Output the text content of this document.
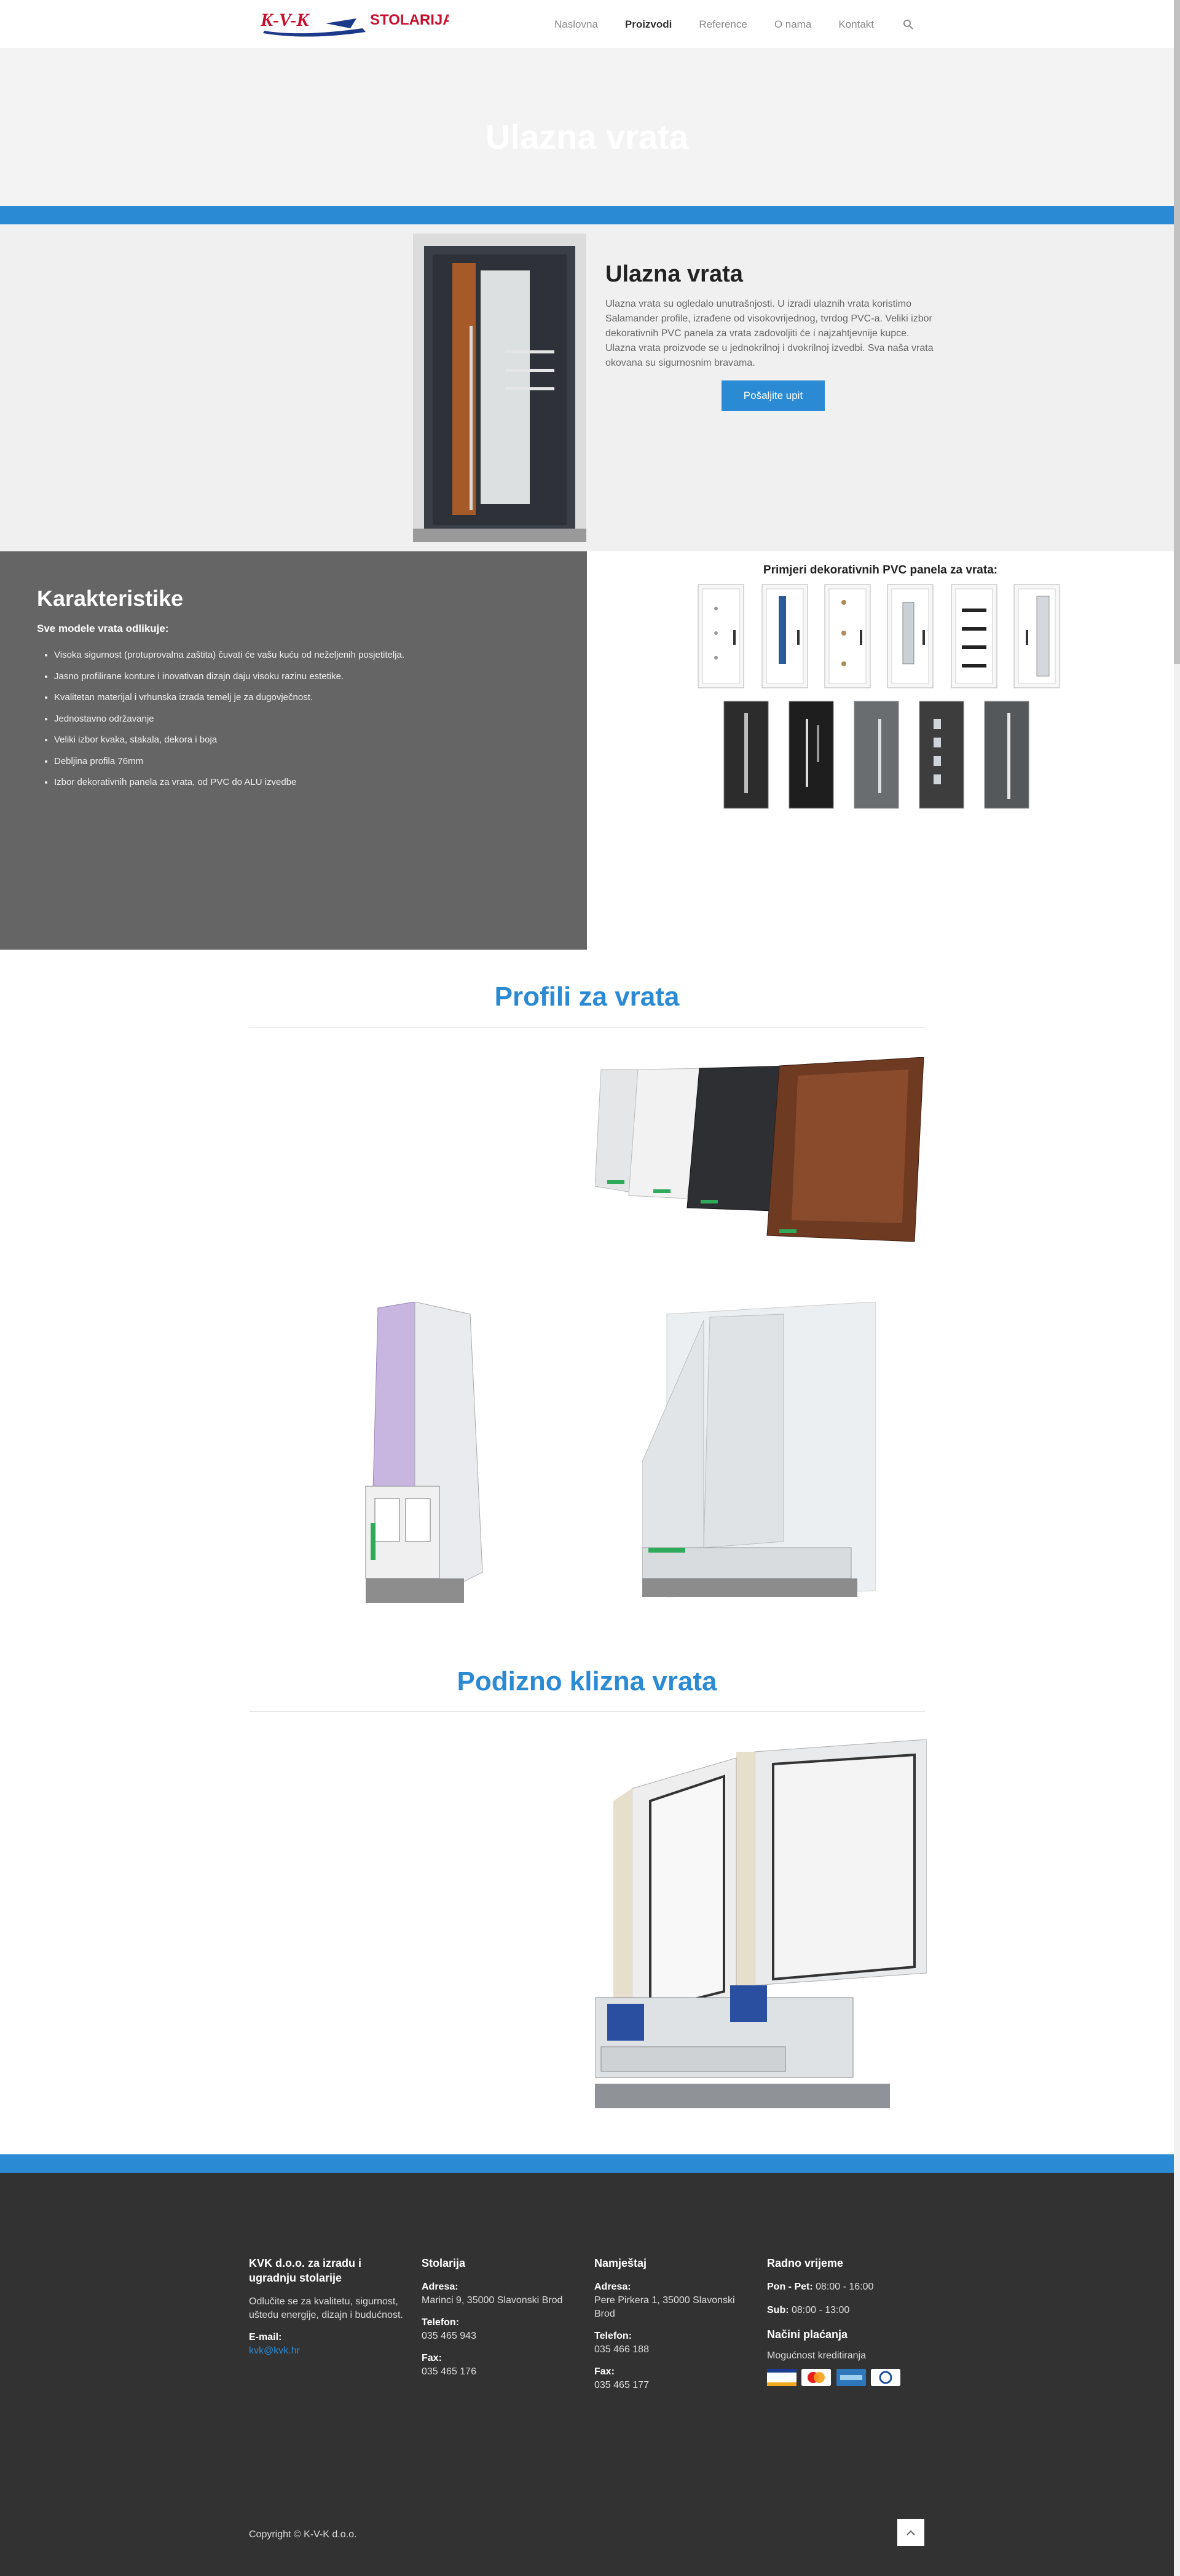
K-V-K	STOLARIJA	Naslovna	Proizvodi	Reference	O nama	Kontakt
Ulazna vrata
Ulazna vrata

Ulazna vrata su ogledalo unutrašnjosti. U izradi ulaznih vrata koristimo Salamander profile, izrađene od visokovrijednog, tvrdog PVC-a. Veliki izbor dekorativnih PVC panela za vrata zadovoljiti će i najzahtjevnije kupce. Ulazna vrata proizvode se u jednokrilnoj i dvokrilnoj izvedbi. Sva naša vrata okovana su sigurnosnim bravama.

Pošaljite upit
Karakteristike
Sve modele vrata odlikuje:
• Visoka sigurnost (protuprovalna zaštita) čuvati će vašu kuću od neželjenih posjetitelja.
• Jasno profilirane konture i inovativan dizajn daju visoku razinu estetike.
• Kvalitetan materijal i vrhunska izrada temelj je za dugovječnost.
• Jednostavno održavanje
• Veliki izbor kvaka, stakala, dekora i boja
• Debljina profila 76mm
• Izbor dekorativnih panela za vrata, od PVC do ALU izvedbe
Primjeri dekorativnih PVC panela za vrata:
Profili za vrata
Podizno klizna vrata
KVK d.o.o. za izradu i ugradnju stolarije

Odlučite se za kvalitetu, sigurnost, uštedu energije, dizajn i budućnost.

E-mail:
kvk@kvk.hr
Stolarija
Adresa:
Marinci 9, 35000 Slavonski Brod
Telefon:
035 465 943
Fax:
035 465 176
Namještaj
Adresa:
Pere Pirkera 1, 35000 Slavonski Brod
Telefon:
035 466 188
Fax:
035 465 177
Radno vrijeme
Pon - Pet: 08:00 - 16:00
Sub: 08:00 - 13:00
Načini plaćanja
Mogućnost kreditiranja

Copyright © K-V-K d.o.o.
